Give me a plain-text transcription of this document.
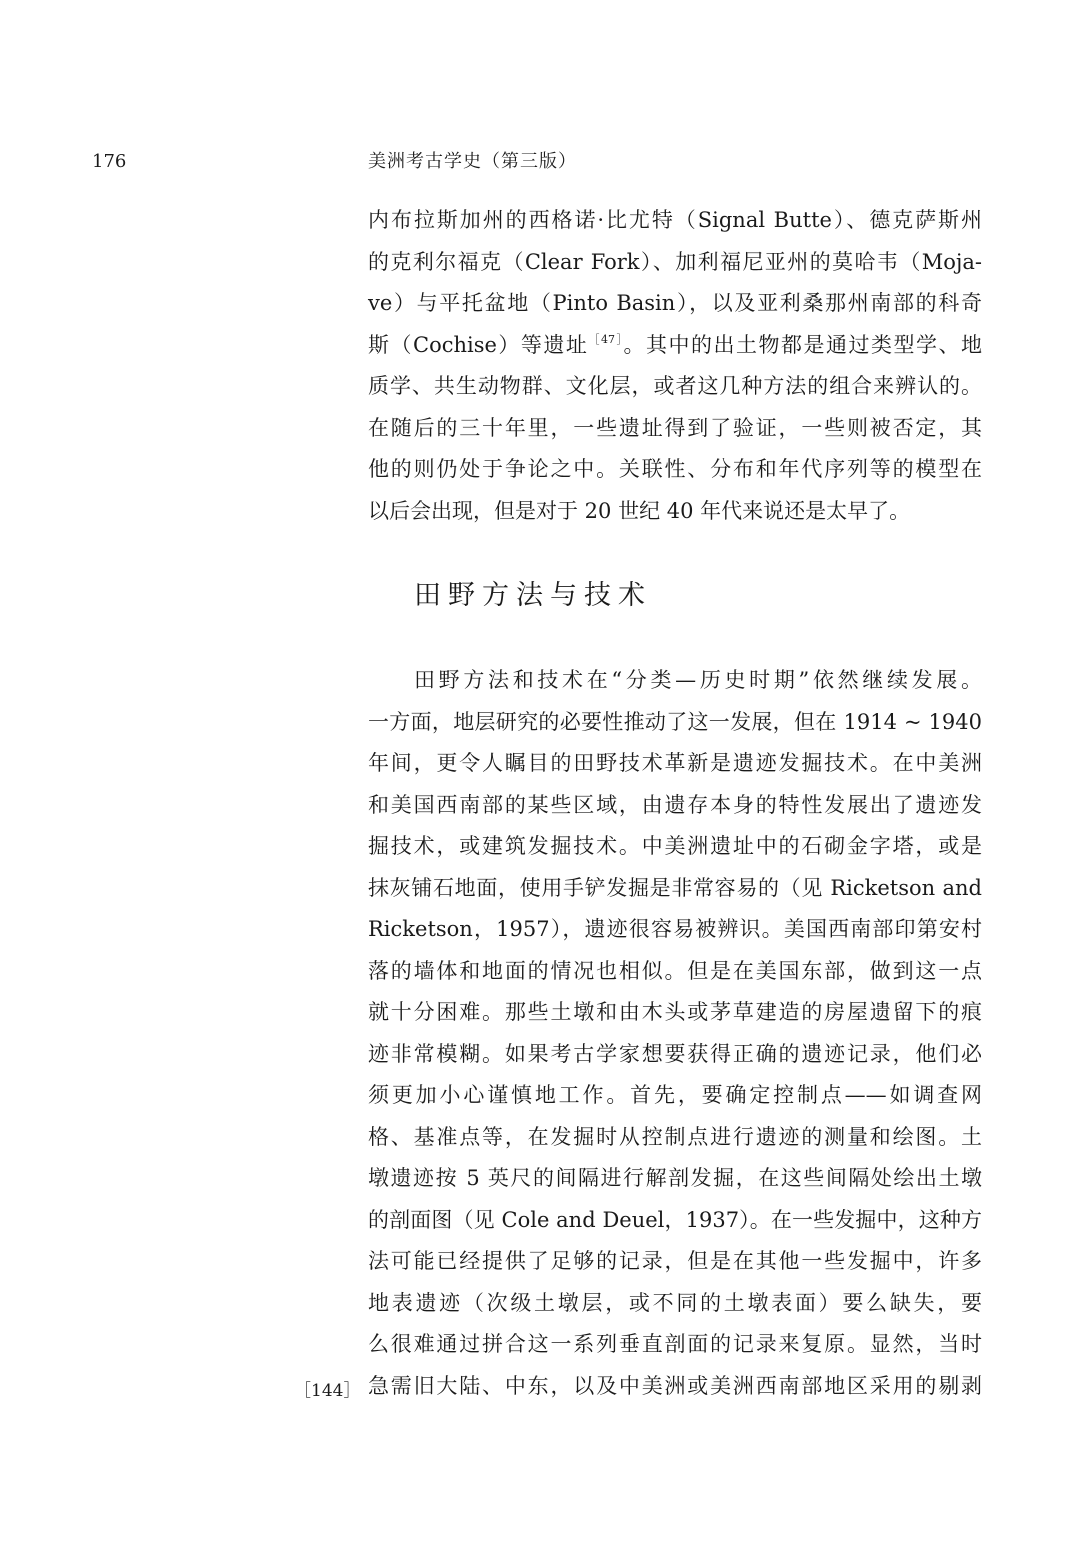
176	美洲考古学史（第三版）
内布拉斯加州的西格诺·比尤特（Signal Butte）、德克萨斯州
的克利尔福克（Clear Fork）、加利福尼亚州的莫哈韦（Moja-
ve）与平托盆地（Pinto Basin），以及亚利桑那州南部的科奇
斯（Cochise）等遗址$^{[47]}$。其中的出土物都是通过类型学、地
质学、共生动物群、文化层，或者这几种方法的组合来辨认的。
在随后的三十年里，一些遗址得到了验证，一些则被否定，其
他的则仍处于争论之中。关联性、分布和年代序列等的模型在
以后会出现，但是对于 20 世纪 40 年代来说还是太早了。
田野方法与技术
田野方法和技术在“分类—历史时期”依然继续发展。
一方面，地层研究的必要性推动了这一发展，但在 1914 ~ 1940
年间，更令人瞩目的田野技术革新是遗迹发掘技术。在中美洲
和美国西南部的某些区域，由遗存本身的特性发展出了遗迹发
掘技术，或建筑发掘技术。中美洲遗址中的石砌金字塔，或是
抹灰铺石地面，使用手铲发掘是非常容易的（见 Ricketson and
Ricketson，1957），遗迹很容易被辨识。美国西南部印第安村
落的墙体和地面的情况也相似。但是在美国东部，做到这一点
就十分困难。那些土墩和由木头或茅草建造的房屋遗留下的痕
迹非常模糊。如果考古学家想要获得正确的遗迹记录，他们必
须更加小心谨慎地工作。首先，要确定控制点——如调查网
格、基准点等，在发掘时从控制点进行遗迹的测量和绘图。土
墩遗迹按 5 英尺的间隔进行解剖发掘，在这些间隔处绘出土墩
的剖面图（见 Cole and Deuel，1937）。在一些发掘中，这种方
法可能已经提供了足够的记录，但是在其他一些发掘中，许多
地表遗迹（次级土墩层，或不同的土墩表面）要么缺失，要
么很难通过拼合这一系列垂直剖面的记录来复原。显然，当时
急需旧大陆、中东，以及中美洲或美洲西南部地区采用的剔剥
［144］
